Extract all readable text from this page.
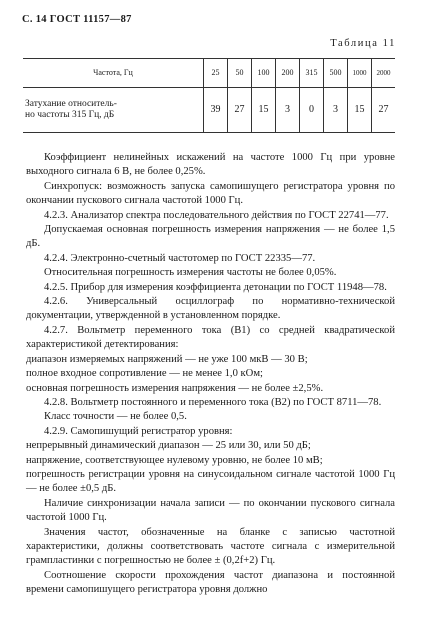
С. 14 ГОСТ 11157—87
Таблица 11
Частота, Гц	25	50	100	200	315	500	1000	2000
Затухание относитель-
но частоты 315 Гц, дБ	39	27	15	3	0	3	15	27

Коэффициент нелинейных искажений на частоте 1000 Гц при уровне выходного сигнала 6 В, не более 0,25%.

Синхропуск: возможность запуска самопишущего регистратора уровня по окончании пускового сигнала частотой 1000 Гц.

4.2.3. Анализатор спектра последовательного действия по ГОСТ 22741—77.

Допускаемая основная погрешность измерения напряжения — не более 1,5 дБ.

4.2.4. Электронно-счетный частотомер по ГОСТ 22335—77.

Относительная погрешность измерения частоты не более 0,05%.

4.2.5. Прибор для измерения коэффициента детонации по ГОСТ 11948—78.

4.2.6. Универсальный осциллограф по нормативно-технической документации, утвержденной в установленном порядке.

4.2.7. Вольтметр переменного тока (В1) со средней квадратической характеристикой детектирования:

диапазон измеряемых напряжений — не уже 100 мкВ — 30 В;

полное входное сопротивление — не менее 1,0 кОм;

основная погрешность измерения напряжения — не более ±2,5%.

4.2.8. Вольтметр постоянного и переменного тока (В2) по ГОСТ 8711—78.

Класс точности — не более 0,5.

4.2.9. Самопишущий регистратор уровня:

непрерывный динамический диапазон — 25 или 30, или 50 дБ;

напряжение, соответствующее нулевому уровню, не более 10 мВ;

погрешность регистрации уровня на синусоидальном сигнале частотой 1000 Гц — не более ±0,5 дБ.

Наличие синхронизации начала записи — по окончании пускового сигнала частотой 1000 Гц.

Значения частот, обозначенные на бланке с записью частотной характеристики, должны соответствовать частоте сигнала с измерительной грампластинки с погрешностью не более ± (0,2f+2) Гц.

Соотношение скорости прохождения частот диапазона и постоянной времени самопишущего регистратора уровня должно
